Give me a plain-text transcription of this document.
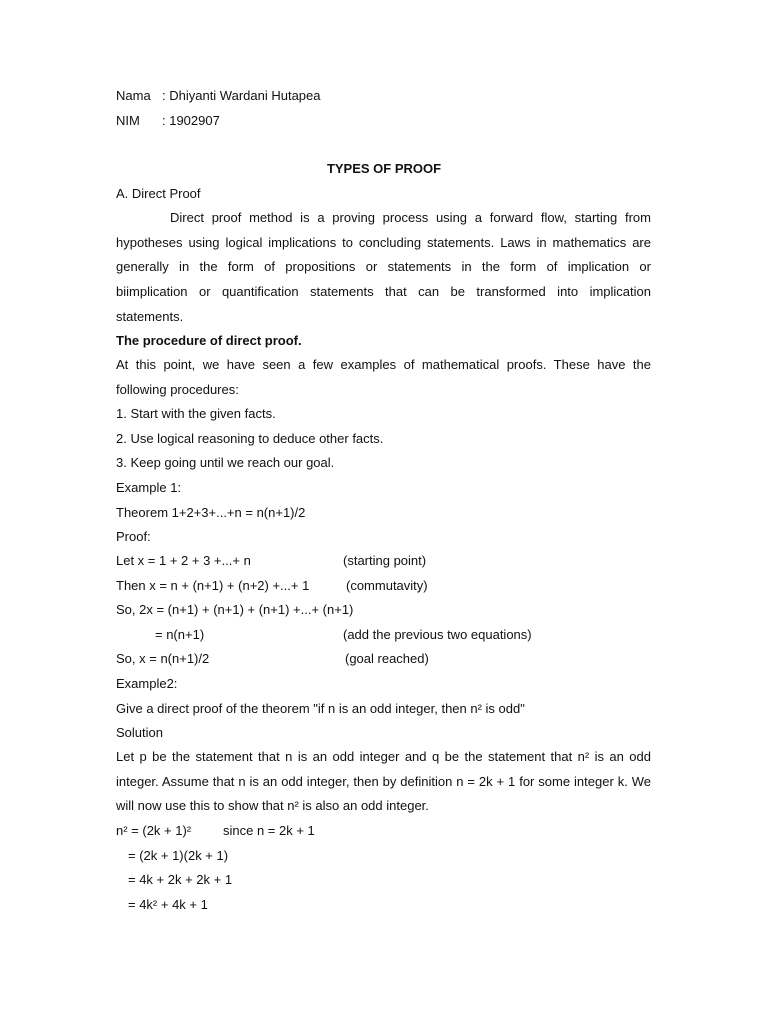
Nama : Dhiyanti Wardani Hutapea
NIM : 1902907
TYPES OF PROOF
A. Direct Proof
Direct proof method is a proving process using a forward flow, starting from
hypotheses using logical implications to concluding statements. Laws in mathematics are
generally in the form of propositions or statements in the form of implication or
biimplication or quantification statements that can be transformed into implication
statements.
The procedure of direct proof.
At this point, we have seen a few examples of mathematical proofs. These have the
following procedures:
1. Start with the given facts.
2. Use logical reasoning to deduce other facts.
3. Keep going until we reach our goal.
Example 1:
Theorem 1+2+3+...+n = n(n+1)/2
Proof:
Let x = 1 + 2 + 3 +...+ n	(starting point)
Then x = n + (n+1) + (n+2) +...+ 1	(commutavity)
So, 2x = (n+1) + (n+1) + (n+1) +...+ (n+1)
= n(n+1)	(add the previous two equations)
So, x = n(n+1)/2	(goal reached)
Example2:
Give a direct proof of the theorem "if n is an odd integer, then n² is odd"
Solution
Let p be the statement that n is an odd integer and q be the statement that n² is an odd
integer. Assume that n is an odd integer, then by definition n = 2k + 1 for some integer k. We
will now use this to show that n² is also an odd integer.
n² = (2k + 1)² since n = 2k + 1
= (2k + 1)(2k + 1)
= 4k + 2k + 2k + 1
= 4k² + 4k + 1
